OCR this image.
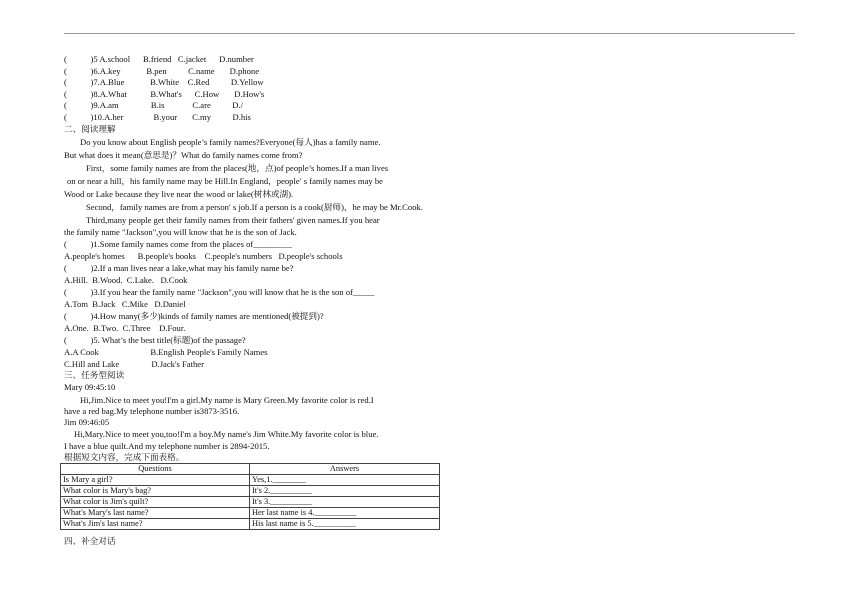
(           )5 A.school      B.friend   C.jacket      D.number
(           )6.A.key            B.pen          C.name       D.phone
(           )7.A.Blue            B.White    C.Red          D.Yellow
(           )8.A.What           B.What's      C.How       D.How's
(           )9.A.am               B.is             C.are          D./
(           )10.A.her              B.your       C.my          D.his
二、阅读理解
Do you know about English people’s family names?Everyone(每人)has a family name.
But what does it mean(意思是)？What do family names come from?
First，some family names are from the places(地，点)of people’s homes.If a man lives
on or near a hill，his family name may be Hill.In England，people′ s family names may be
Wood or Lake because they live near the wood or lake(树林或湖).
Second，family names are from a person′ s job.If a person is a cook(厨师)，he may be Mr.Cook.
Third,many people get their family names from their fathers' given names.If you hear
the family name "Jackson",you will know that he is the son of Jack.
(           )1.Some family names come from the places of_________
A.people's homes      B.people's books    C.people's numbers   D.people's schools
(           )2.If a man lives near a lake,what may his family name be?
A.Hill.  B.Wood.  C.Lake.   D.Cook
(           )3.If you hear the family name "Jackson",you will know that he is the son of_____
A.Tom  B.Jack   C.Mike   D.Daniel
(           )4.How many(多少)kinds of family names are mentioned(被提到)?
A.One.  B.Two.  C.Three    D.Four.
(           )5. What’s the best title(标题)of the passage?
A.A Cook                        B.English People's Family Names
C.Hill and Lake               D.Jack's Father
三、任务型阅读
Mary 09:45:10
Hi,Jim.Nice to meet you!I'm a girl.My name is Mary Green.My favorite color is red.I
have a red bag.My telephone number is3873-3516.
Jim 09:46:05
Hi,Mary.Nice to meet you,too!I'm a boy.My name's Jim White.My favorite color is blue.
I have a blue quilt.And my telephone number is 2894-2015.
根据短文内容，完成下面表格。
四、补全对话
Questions	Answers
Is Mary a girl?	Yes,1.________
What color is Mary's bag?	It's 2.__________
What color is Jim's quilt?	It's 3.__________
What's Mary's last name?	Her last name is 4.__________
What's Jim's last name?	His last name is 5.__________
